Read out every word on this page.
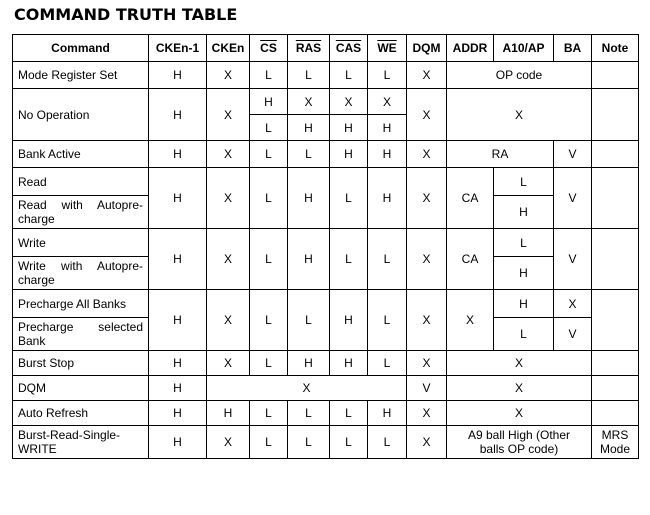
COMMAND TRUTH TABLE
Command	CKEn-1	CKEn	$\overline{CS}$	$\overline{RAS}$	$\overline{CAS}$	$\overline{WE}$	DQM	ADDR	A10/AP	BA	Note
Mode Register Set	H	X	L	L	L	L	X	OP code			
No Operation	H	X	H	X	X	X	X	X			
			L	H	H	H					
Bank Active	H	X	L	L	H	H	X	RA		V	
Read	H	X	L	H	L	H	X	CA	L	V	
Read with Autopre-charge									H		
Write	H	X	L	H	L	L	X	CA	L	V	
Write with Autopre-charge									H		
Precharge All Banks	H	X	L	L	H	L	X	X	H	X	
Precharge selected Bank									L	V	
Burst Stop	H	X	L	H	H	L	X	X			
DQM	H	X					V	X			
Auto Refresh	H	H	L	L	L	H	X	X			
Burst-Read-Single-WRITE	H	X	L	L	L	L	X	A9 ball High (Other balls OP code)			MRS Mode
